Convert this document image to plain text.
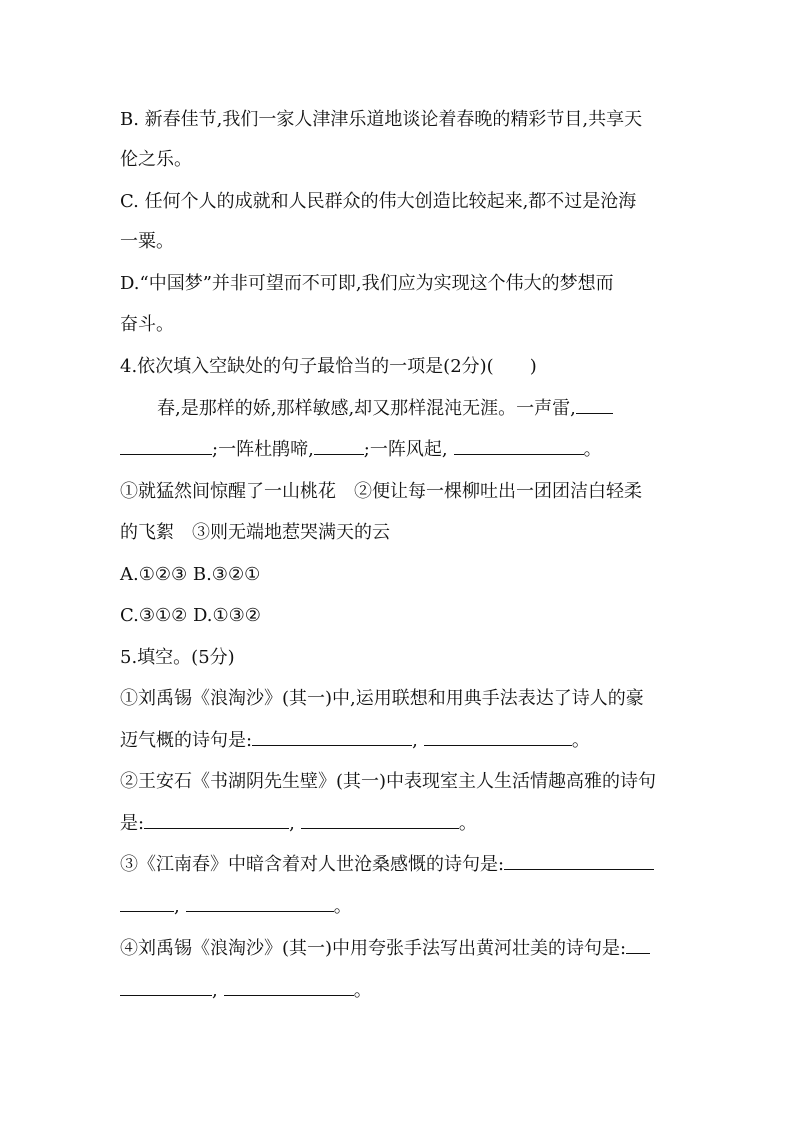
B. 新春佳节,我们一家人津津乐道地谈论着春晚的精彩节目,共享天
伦之乐。
C. 任何个人的成就和人民群众的伟大创造比较起来,都不过是沧海
一粟。
D.“中国梦”并非可望而不可即,我们应为实现这个伟大的梦想而
奋斗。
4.依次填入空缺处的句子最恰当的一项是(2分)(　　)
春,是那样的娇,那样敏感,却又那样混沌无涯。一声雷,
;一阵杜鹃啼,	;一阵风起,	。
①就猛然间惊醒了一山桃花 ②便让每一棵柳吐出一团团洁白轻柔
的飞絮 ③则无端地惹哭满天的云
A.①②③ B.③②①
C.③①② D.①③②
5.填空。(5分)
①刘禹锡《浪淘沙》(其一)中,运用联想和用典手法表达了诗人的豪
迈气概的诗句是:	,	。
②王安石《书湖阴先生壁》(其一)中表现室主人生活情趣高雅的诗句
是:	,	。
③《江南春》中暗含着对人世沧桑感慨的诗句是:
,	。
④刘禹锡《浪淘沙》(其一)中用夸张手法写出黄河壮美的诗句是:
,	。
